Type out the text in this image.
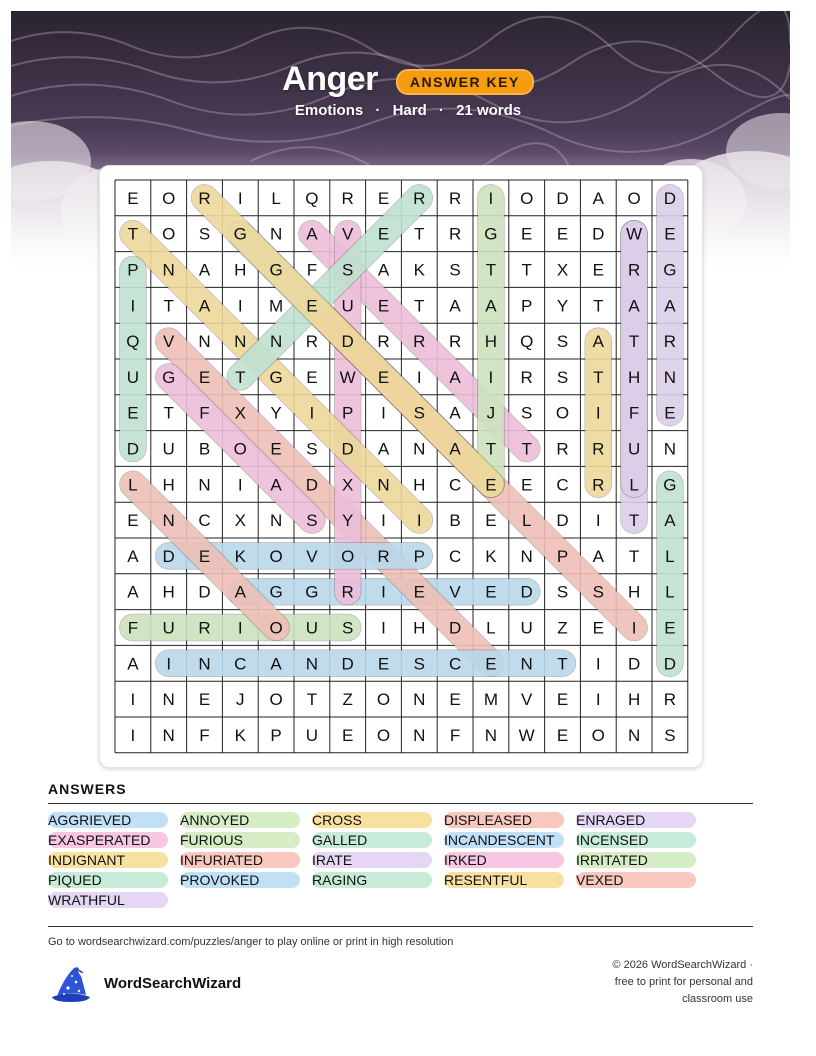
Anger ANSWER KEY
Emotions · Hard · 21 words
E O R I L Q R E R R I O D A O D
T O S G N A V E T R G E E D W E
P N A H G F S A K S T T X E R G
I T A I M E U E T A A P Y T A A
Q V N N N R D R R R H Q S A T R
U G E T G E W E I A I R S T H N
E T F X Y I P I S A J S O I F E
D U B O E S D A N A T T R R U N
L H N I A D X N H C E E C R L G
E N C X N S Y I I B E L D I T A
A D E K O V O R P C K N P A T L
A H D A G G R I E V E D S S H L
F U R I O U S I H D L U Z E I E
A I N C A N D E S C E N T I D D
I N E J O T Z O N E M V E I H R
I N F K P U E O N F N W E O N S
ANSWERS
AGGRIEVED	ANNOYED	CROSS	DISPLEASED	ENRAGED
EXASPERATED	FURIOUS	GALLED	INCANDESCENT	INCENSED
INDIGNANT	INFURIATED	IRATE	IRKED	IRRITATED
PIQUED	PROVOKED	RAGING	RESENTFUL	VEXED
WRATHFUL
Go to wordsearchwizard.com/puzzles/anger to play online or print in high resolution
WordSearchWizard
© 2026 WordSearchWizard ·
free to print for personal and
classroom use
